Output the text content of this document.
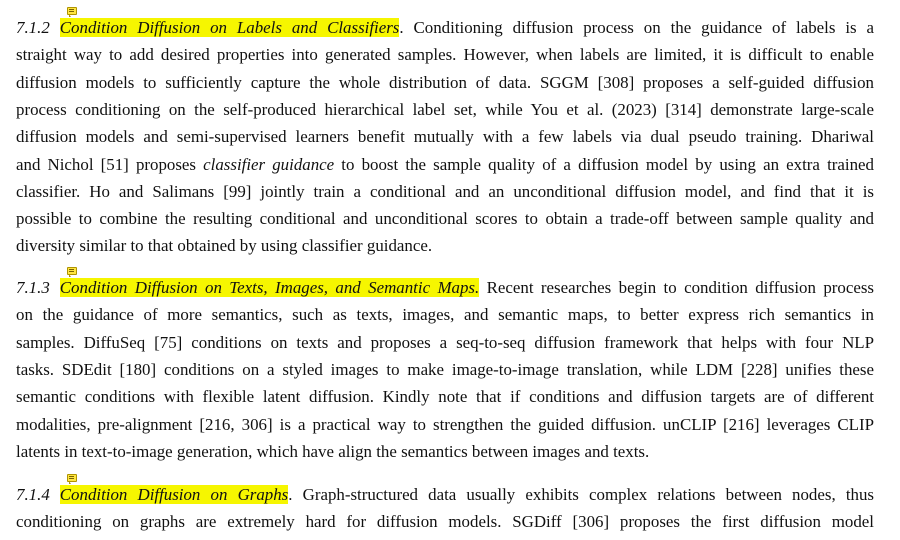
7.1.2 Condition Diffusion on Labels and Classifiers. Conditioning diffusion process on the guidance of labels is a
straight way to add desired properties into generated samples. However, when labels are limited, it is difficult to enable
diffusion models to sufficiently capture the whole distribution of data. SGGM [308] proposes a self-guided diffusion
process conditioning on the self-produced hierarchical label set, while You et al. (2023) [314] demonstrate large-scale
diffusion models and semi-supervised learners benefit mutually with a few labels via dual pseudo training. Dhariwal
and Nichol [51] proposes classifier guidance to boost the sample quality of a diffusion model by using an extra trained
classifier. Ho and Salimans [99] jointly train a conditional and an unconditional diffusion model, and find that it is
possible to combine the resulting conditional and unconditional scores to obtain a trade-off between sample quality and
diversity similar to that obtained by using classifier guidance.
7.1.3 Condition Diffusion on Texts, Images, and Semantic Maps. Recent researches begin to condition diffusion process
on the guidance of more semantics, such as texts, images, and semantic maps, to better express rich semantics in
samples. DiffuSeq [75] conditions on texts and proposes a seq-to-seq diffusion framework that helps with four NLP
tasks. SDEdit [180] conditions on a styled images to make image-to-image translation, while LDM [228] unifies these
semantic conditions with flexible latent diffusion. Kindly note that if conditions and diffusion targets are of different
modalities, pre-alignment [216, 306] is a practical way to strengthen the guided diffusion. unCLIP [216] leverages CLIP
latents in text-to-image generation, which have align the semantics between images and texts.
7.1.4 Condition Diffusion on Graphs. Graph-structured data usually exhibits complex relations between nodes, thus
conditioning on graphs are extremely hard for diffusion models. SGDiff [306] proposes the first diffusion model
